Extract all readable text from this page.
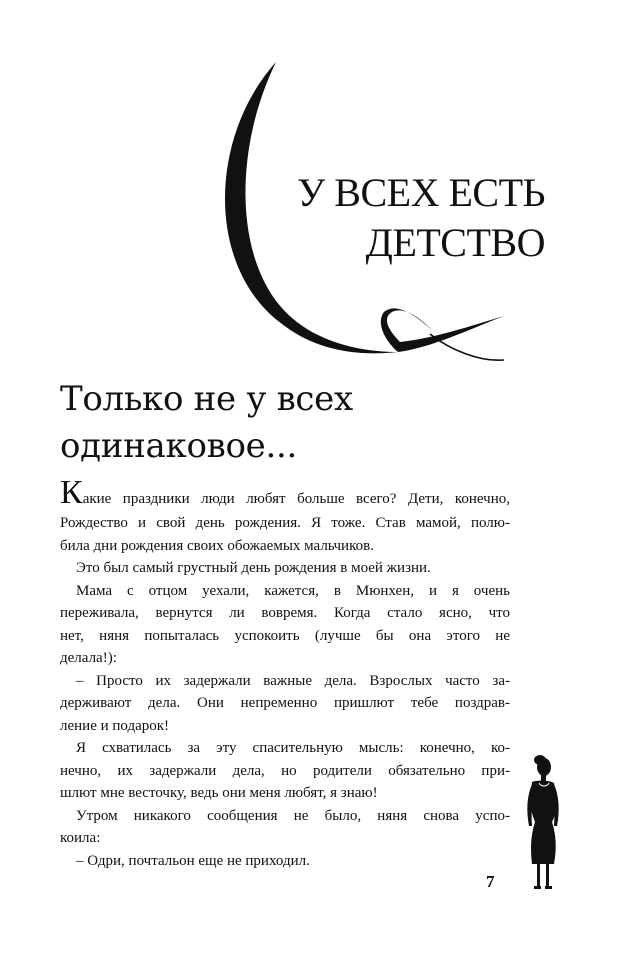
У ВСЕХ ЕСТЬ
ДЕТСТВО
Только не у всех
одинаковое...
Какие праздники люди любят больше всего? Дети, конечно,
Рождество и свой день рождения. Я тоже. Став мамой, полю-
била дни рождения своих обожаемых мальчиков.
Это был самый грустный день рождения в моей жизни.
Мама с отцом уехали, кажется, в Мюнхен, и я очень
переживала, вернутся ли вовремя. Когда стало ясно, что
нет, няня попыталась успокоить (лучше бы она этого не
делала!):
– Просто их задержали важные дела. Взрослых часто за-
держивают дела. Они непременно пришлют тебе поздрав-
ление и подарок!
Я схватилась за эту спасительную мысль: конечно, ко-
нечно, их задержали дела, но родители обязательно при-
шлют мне весточку, ведь они меня любят, я знаю!
Утром никакого сообщения не было, няня снова успо-
коила:
– Одри, почтальон еще не приходил.
7
